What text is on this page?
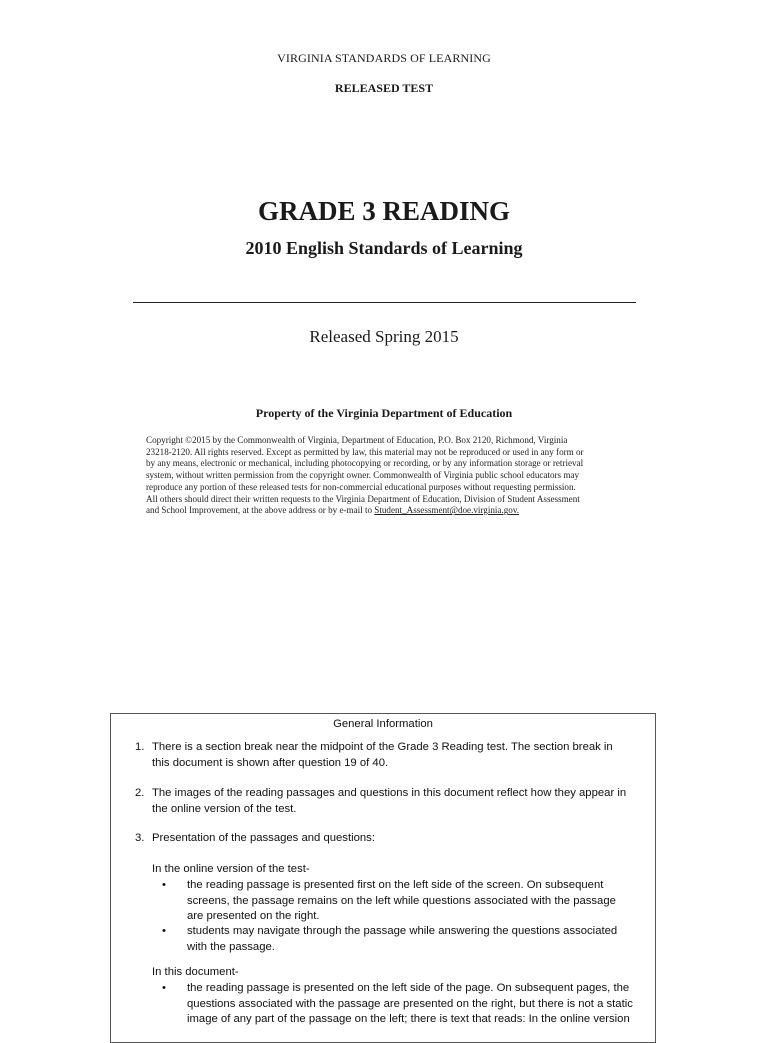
VIRGINIA STANDARDS OF LEARNING
RELEASED TEST
GRADE 3 READING
2010 English Standards of Learning
Released Spring 2015
Property of the Virginia Department of Education
Copyright ©2015 by the Commonwealth of Virginia, Department of Education, P.O. Box 2120, Richmond, Virginia
23218-2120. All rights reserved. Except as permitted by law, this material may not be reproduced or used in any form or
by any means, electronic or mechanical, including photocopying or recording, or by any information storage or retrieval
system, without written permission from the copyright owner. Commonwealth of Virginia public school educators may
reproduce any portion of these released tests for non-commercial educational purposes without requesting permission.
All others should direct their written requests to the Virginia Department of Education, Division of Student Assessment
and School Improvement, at the above address or by e-mail to Student_Assessment@doe.virginia.gov.
General Information
1. There is a section break near the midpoint of the Grade 3 Reading test. The section break in
this document is shown after question 19 of 40.
2. The images of the reading passages and questions in this document reflect how they appear in
the online version of the test.
3. Presentation of the passages and questions:
In the online version of the test-
• the reading passage is presented first on the left side of the screen. On subsequent
screens, the passage remains on the left while questions associated with the passage
are presented on the right.
• students may navigate through the passage while answering the questions associated
with the passage.
In this document-
• the reading passage is presented on the left side of the page. On subsequent pages, the
questions associated with the passage are presented on the right, but there is not a static
image of any part of the passage on the left; there is text that reads: In the online version
